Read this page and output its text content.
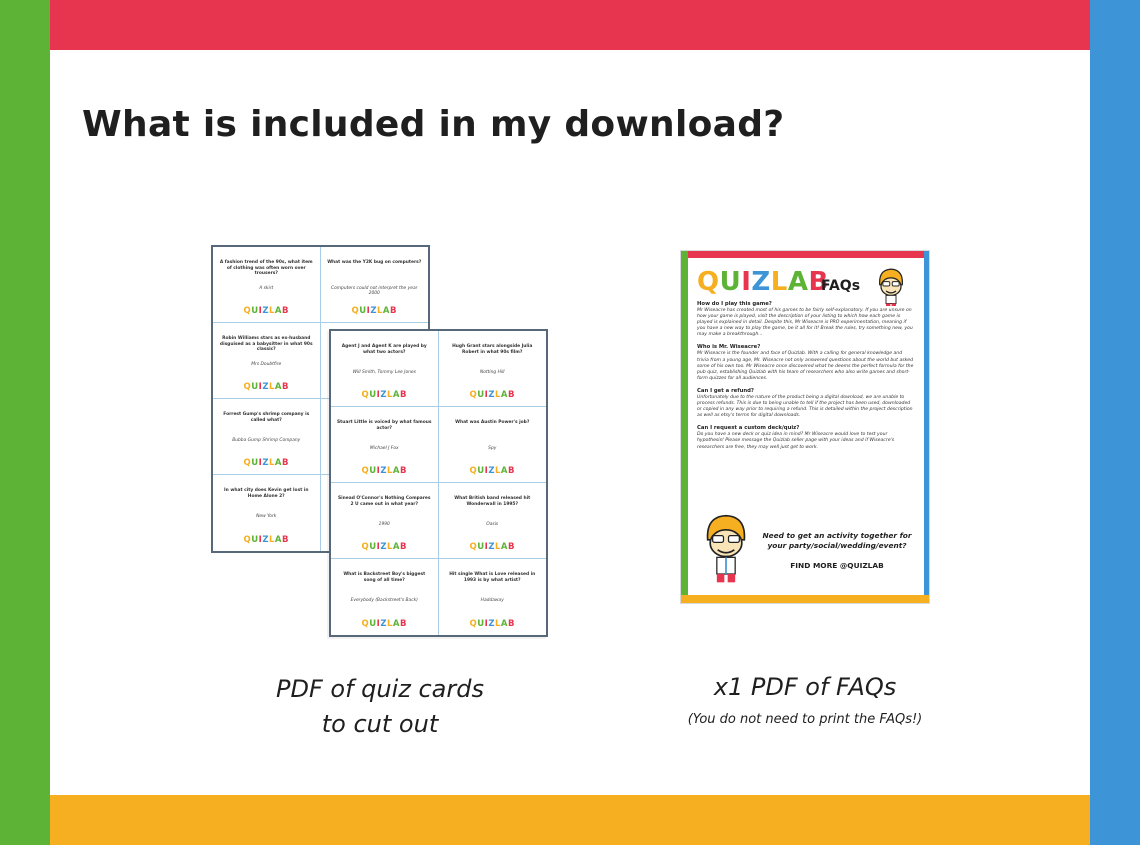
What is included in my download?
A fashion trend of the 90s, what item of clothing was often worn over trousers?
A skirt
QUIZLAB
What was the Y2K bug on computers?
Computers could not interpret the year 2000
QUIZLAB
Robin Williams stars as ex-husband disguised as a babysitter in what 90s classic?
Mrs Doubtfire
QUIZLAB
Forrest Gump's shrimp company is called what?
Bubba Gump Shrimp Company
QUIZLAB
In what city does Kevin get lost in Home Alone 2?
New York
QUIZLAB
Agent J and Agent K are played by what two actors?
Will Smith, Tommy Lee Jones
QUIZLAB
Hugh Grant stars alongside Julia Robert in what 90s film?
Notting Hill
QUIZLAB
Stuart Little is voiced by what famous actor?
Michael J Fox
QUIZLAB
What was Austin Power's job?
Spy
QUIZLAB
Sinead O'Connor's Nothing Compares 2 U came out in what year?
1990
QUIZLAB
What British band released hit Wonderwall in 1995?
Oasis
QUIZLAB
What is Backstreet Boy's biggest song of all time?
Everybody (Backstreet's Back)
QUIZLAB
Hit single What is Love released in 1993 is by what artist?
Haddaway
QUIZLAB
QUIZLAB
FAQs

How do I play this game?

Mr Wiseacre has created most of his games to be fairly self-explanatory. If you are unsure on how your game is played, visit the description of your listing to which how each game is played is explained in detail. Despite this, Mr Wiseacre is PRO experimentation, meaning if you have a new way to play the game, be it all for it! Break the rules, try something new, you may make a breakthrough...

Who is Mr. Wiseacre?

Mr Wiseacre is the founder and face of Quizlab. With a calling for general knowledge and trivia from a young age, Mr. Wiseacre not only answered questions about the world but asked some of his own too. Mr Wiseacre once discovered what he deems the perfect formula for the pub quiz, establishing Quizlab with his team of researchers who also write games and short-form quizzes for all audiences.

Can I get a refund?

Unfortunately due to the nature of the product being a digital download, we are unable to process refunds. This is due to being unable to tell if the project has been used, downloaded or copied in any way prior to requiring a refund. This is detailed within the project description as well as etsy's terms for digital downloads.

Can I request a custom deck/quiz?

Do you have a new deck or quiz idea in mind? Mr Wiseacre would love to test your hypothesis! Please message the Quizlab seller page with your ideas and if Wiseacre's researchers are free, they may well just get to work.

Need to get an activity together for your party/social/wedding/event?
FIND MORE @QUIZLAB
PDF of quiz cards
to cut out
x1 PDF of FAQs
(You do not need to print the FAQs!)
